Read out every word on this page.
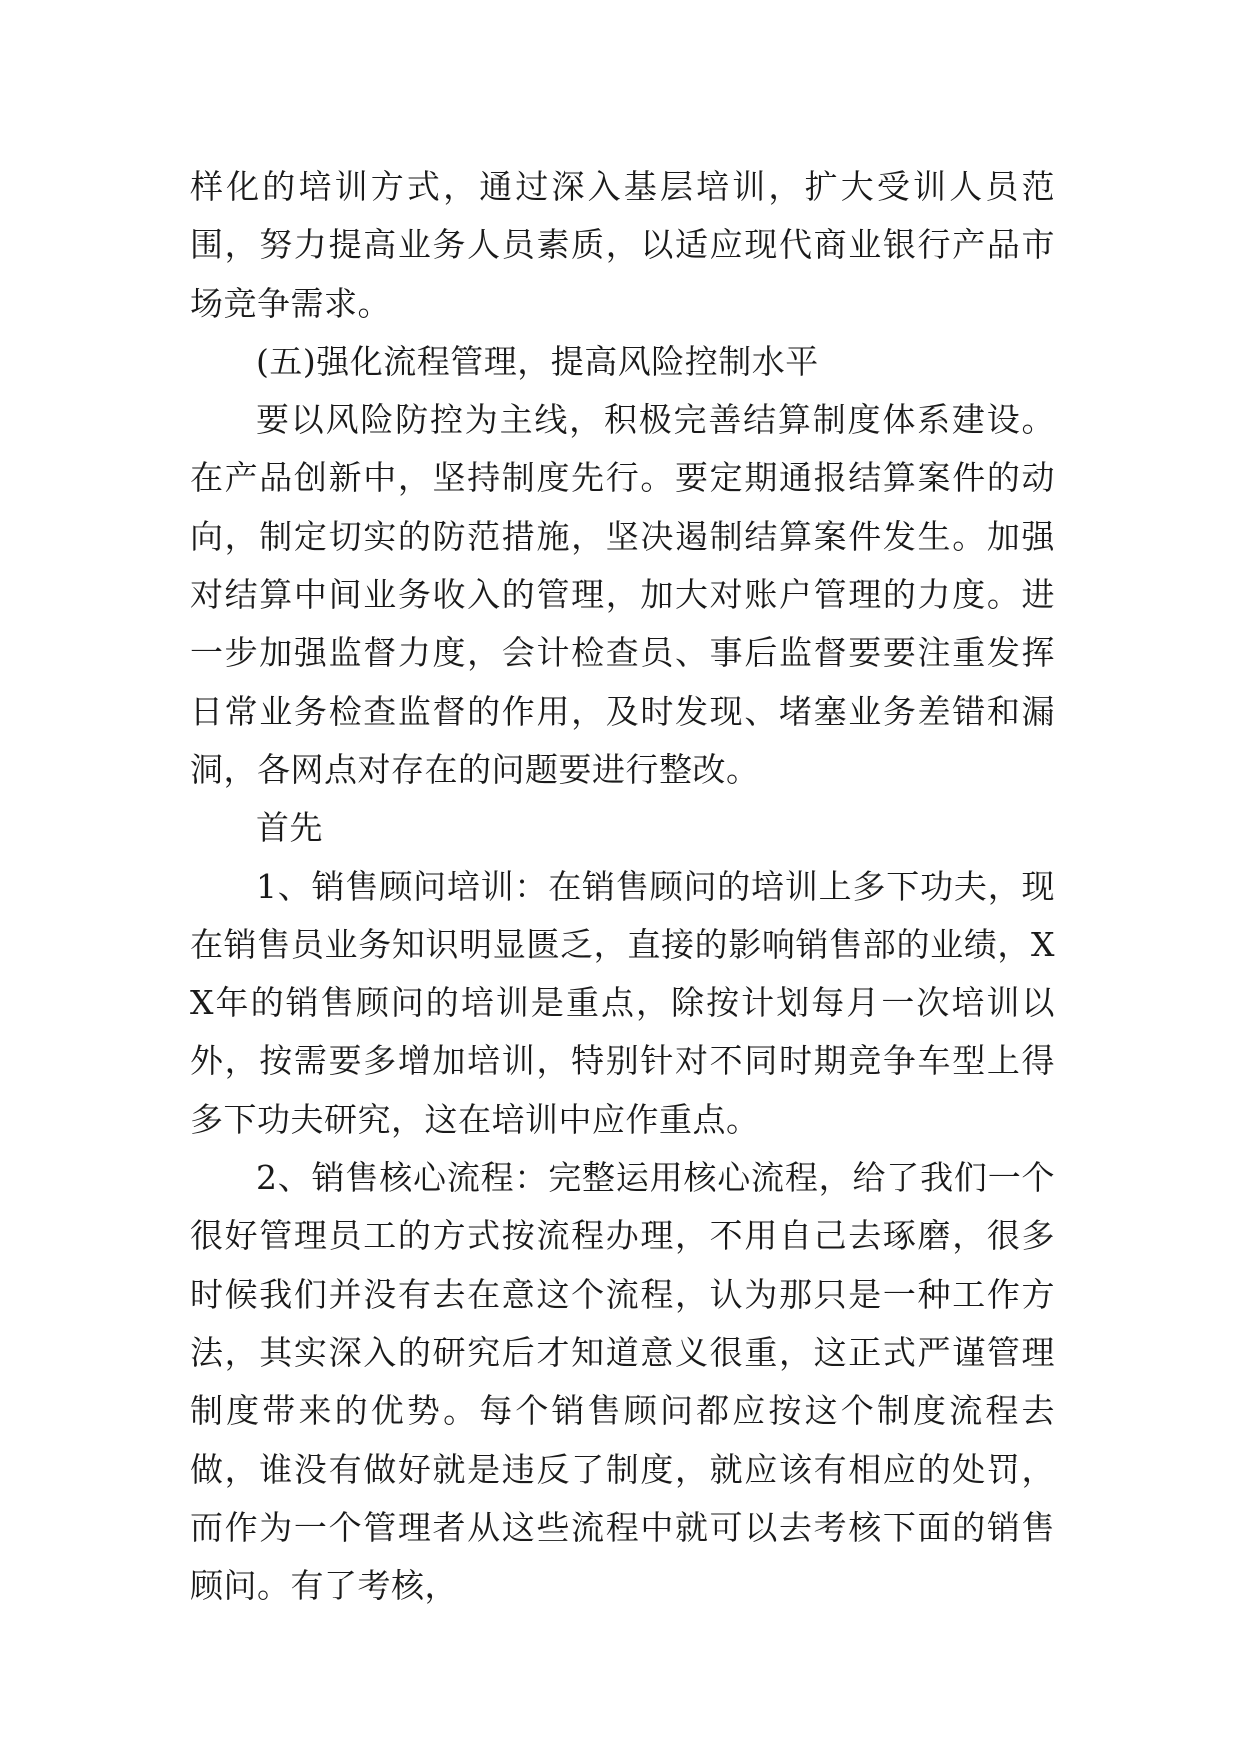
样化的培训方式，通过深入基层培训，扩大受训人员范围，努力提高业务人员素质，以适应现代商业银行产品市场竞争需求。

(五)强化流程管理，提高风险控制水平

要以风险防控为主线，积极完善结算制度体系建设。在产品创新中，坚持制度先行。要定期通报结算案件的动向，制定切实的防范措施，坚决遏制结算案件发生。加强对结算中间业务收入的管理，加大对账户管理的力度。进一步加强监督力度，会计检查员、事后监督要要注重发挥日常业务检查监督的作用，及时发现、堵塞业务差错和漏洞，各网点对存在的问题要进行整改。

首先

1、销售顾问培训：在销售顾问的培训上多下功夫，现在销售员业务知识明显匮乏，直接的影响销售部的业绩，XX年的销售顾问的培训是重点，除按计划每月一次培训以外，按需要多增加培训，特别针对不同时期竞争车型上得多下功夫研究，这在培训中应作重点。

2、销售核心流程：完整运用核心流程，给了我们一个很好管理员工的方式按流程办理，不用自己去琢磨，很多时候我们并没有去在意这个流程，认为那只是一种工作方法，其实深入的研究后才知道意义很重，这正式严谨管理制度带来的优势。每个销售顾问都应按这个制度流程去做，谁没有做好就是违反了制度，就应该有相应的处罚，而作为一个管理者从这些流程中就可以去考核下面的销售顾问。有了考核，
